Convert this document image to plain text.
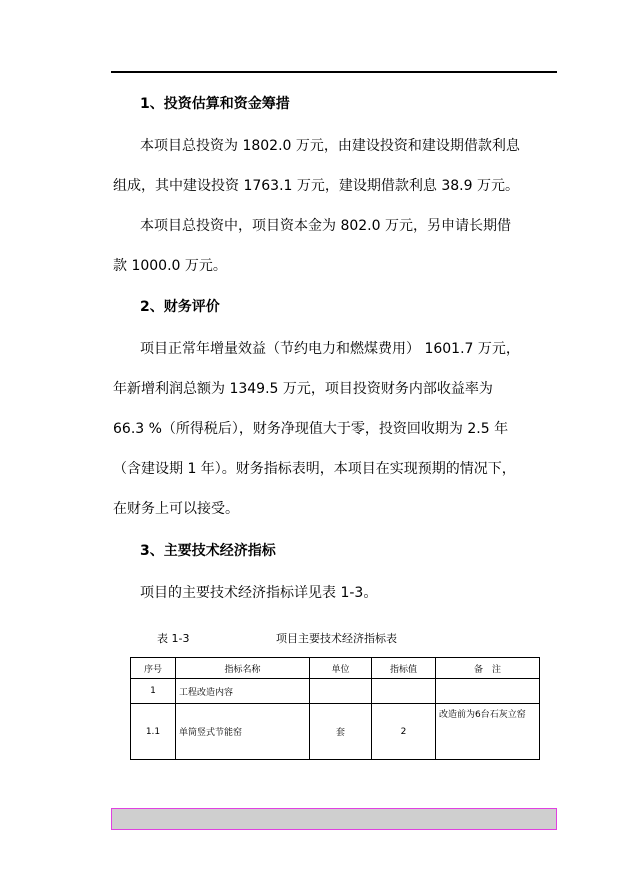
1、投资估算和资金筹措
本项目总投资为 1802.0 万元，由建设投资和建设期借款利息
组成，其中建设投资 1763.1 万元，建设期借款利息 38.9 万元。
本项目总投资中，项目资本金为 802.0 万元，另申请长期借
款 1000.0 万元。
2、财务评价
项目正常年增量效益（节约电力和燃煤费用） 1601.7 万元，
年新增利润总额为 1349.5 万元，项目投资财务内部收益率为
66.3 %（所得税后），财务净现值大于零，投资回收期为 2.5 年
（含建设期 1 年）。财务指标表明，本项目在实现预期的情况下，
在财务上可以接受。
3、主要技术经济指标
项目的主要技术经济指标详见表 1-3。
表 1-3	项目主要技术经济指标表
序号	指标名称	单位	指标值	备　注
1	工程改造内容			
1.1	单筒竖式节能窑	套	2	改造前为6台石灰立窑
